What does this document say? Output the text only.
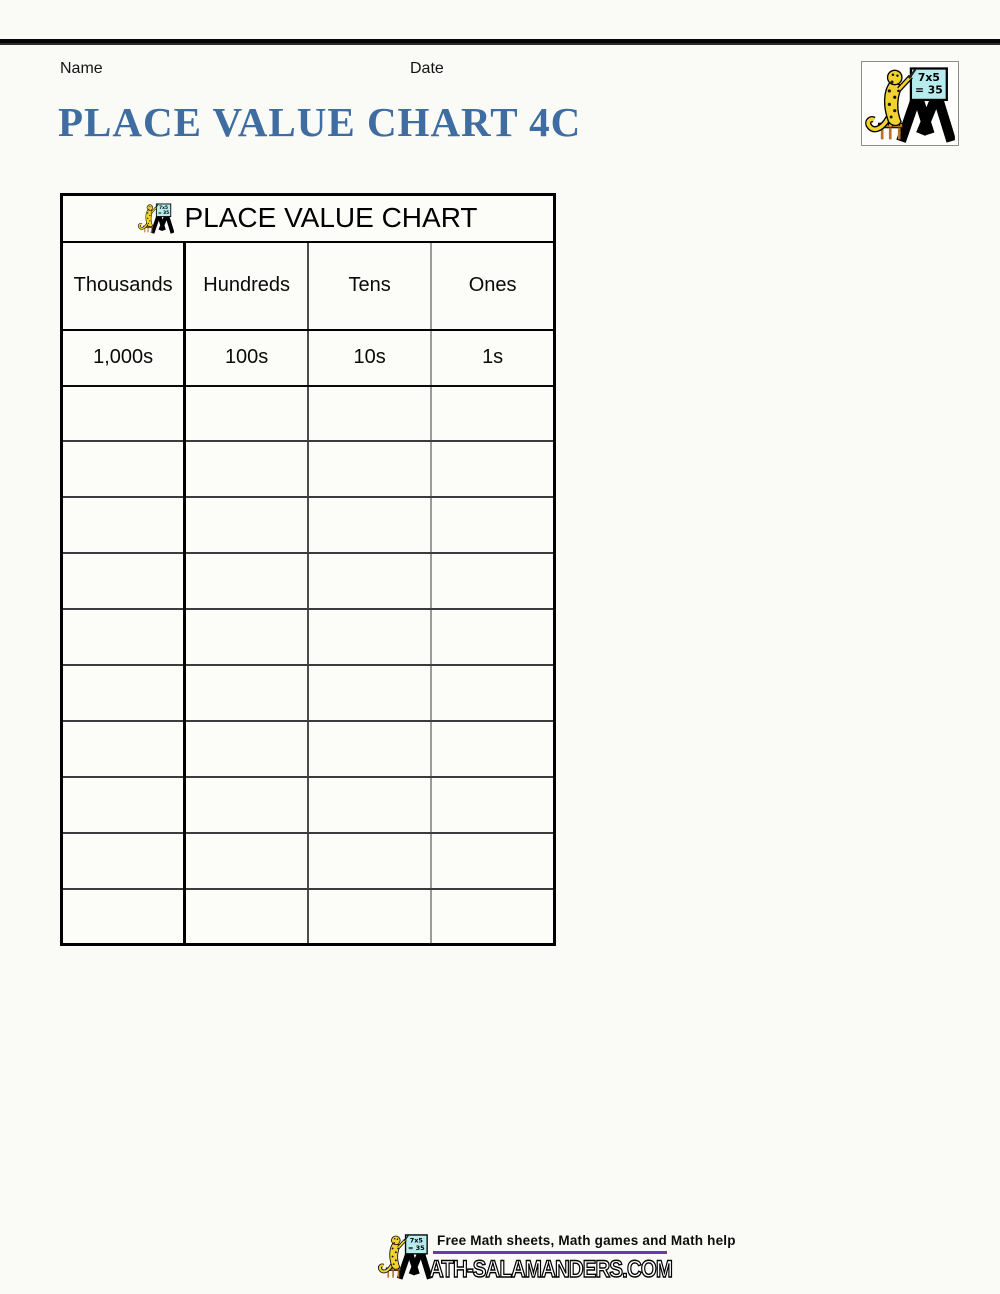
Name	Date
PLACE VALUE CHART 4C
PLACE VALUE CHART			

Thousands	Hundreds	Tens	Ones
1,000s	100s	10s	1s

Free Math sheets, Math games and Math help
ATH-SALAMANDERS.COM
